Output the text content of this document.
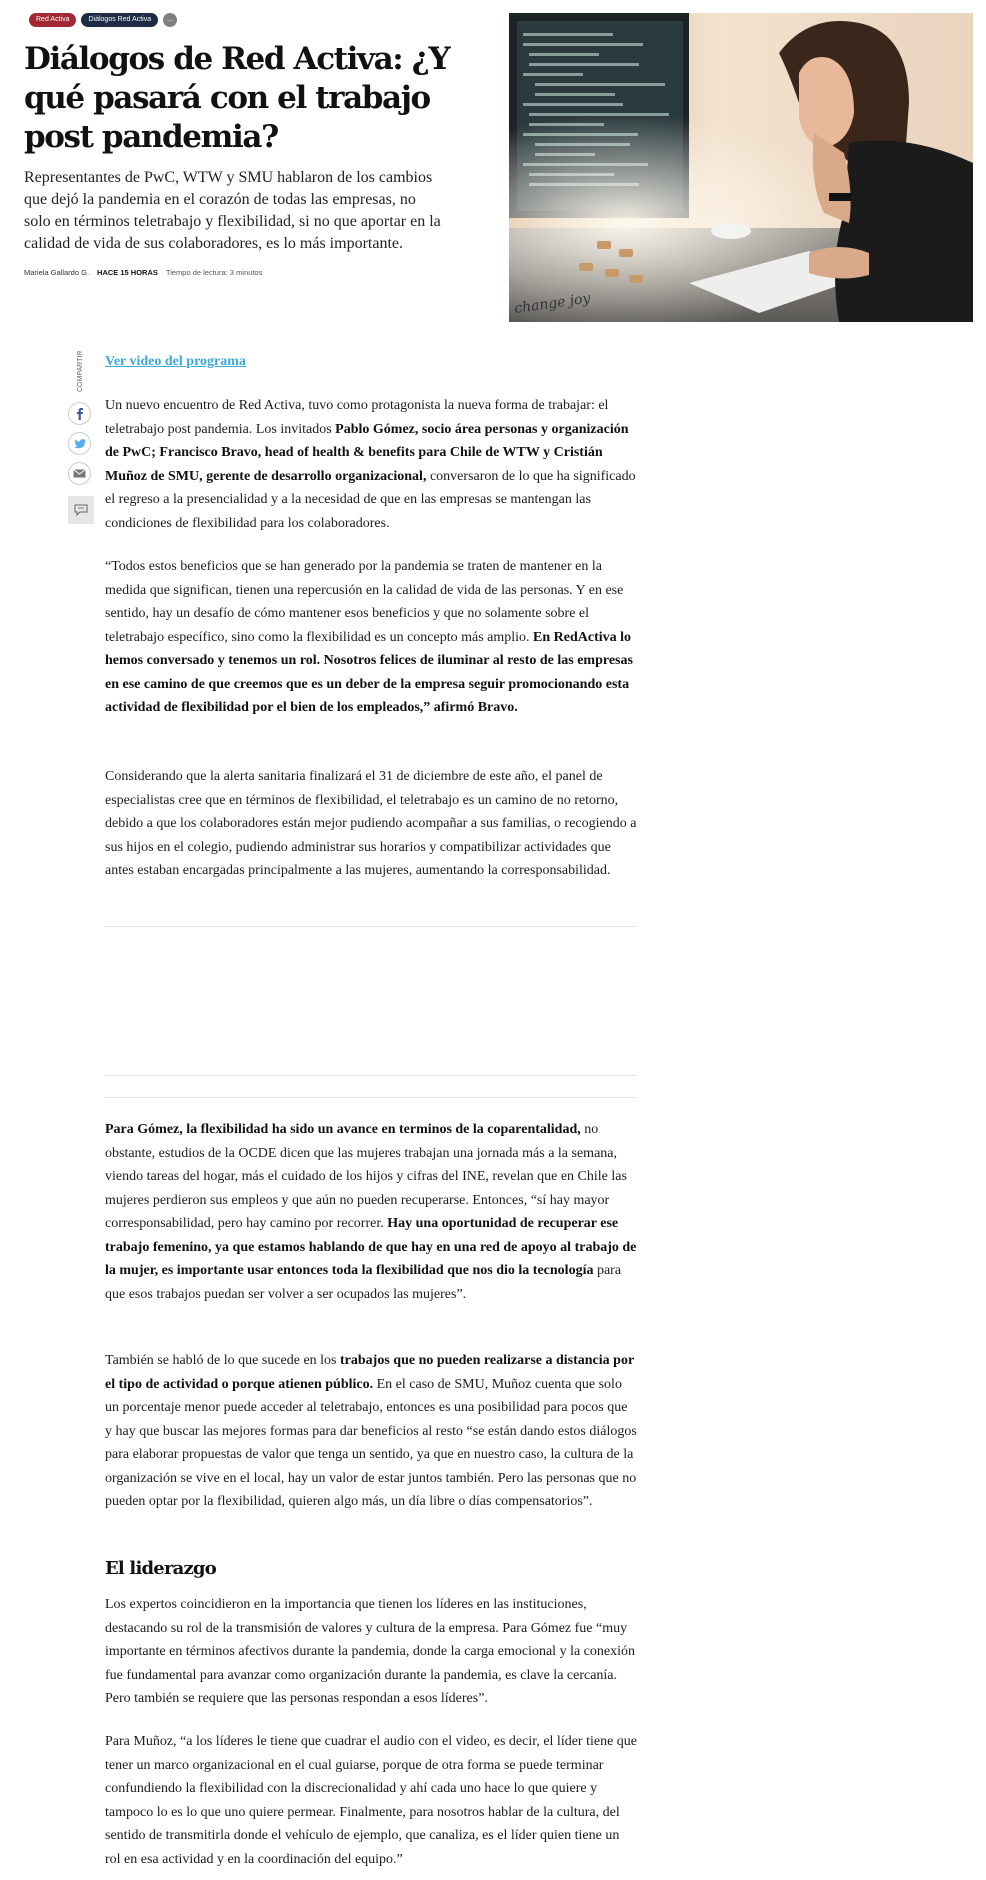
Red Activa	Diálogos Red Activa	...
Diálogos de Red Activa: ¿Y qué pasará con el trabajo post pandemia?

Representantes de PwC, WTW y SMU hablaron de los cambios que dejó la pandemia en el corazón de todas las empresas, no solo en términos teletrabajo y flexibilidad, si no que aportar en la calidad de vida de sus colaboradores, es lo más importante.

Mariela Gallardo G. HACE 15 HORAS Tiempo de lectura: 3 minutos
change joy
COMPARTIR Ver video del programa

Un nuevo encuentro de Red Activa, tuvo como protagonista la nueva forma de trabajar: el teletrabajo post pandemia. Los invitados Pablo Gómez, socio área personas y organización de PwC; Francisco Bravo, head of health & benefits para Chile de WTW y Cristián Muñoz de SMU, gerente de desarrollo organizacional, conversaron de lo que ha significado el regreso a la presencialidad y a la necesidad de que en las empresas se mantengan las condiciones de flexibilidad para los colaboradores.

“Todos estos beneficios que se han generado por la pandemia se traten de mantener en la medida que significan, tienen una repercusión en la calidad de vida de las personas. Y en ese sentido, hay un desafío de cómo mantener esos beneficios y que no solamente sobre el teletrabajo específico, sino como la flexibilidad es un concepto más amplio. En RedActiva lo hemos conversado y tenemos un rol. Nosotros felices de iluminar al resto de las empresas en ese camino de que creemos que es un deber de la empresa seguir promocionando esta actividad de flexibilidad por el bien de los empleados,” afirmó Bravo.

Considerando que la alerta sanitaria finalizará el 31 de diciembre de este año, el panel de especialistas cree que en términos de flexibilidad, el teletrabajo es un camino de no retorno, debido a que los colaboradores están mejor pudiendo acompañar a sus familias, o recogiendo a sus hijos en el colegio, pudiendo administrar sus horarios y compatibilizar actividades que antes estaban encargadas principalmente a las mujeres, aumentando la corresponsabilidad.

Para Gómez, la flexibilidad ha sido un avance en terminos de la coparentalidad, no obstante, estudios de la OCDE dicen que las mujeres trabajan una jornada más a la semana, viendo tareas del hogar, más el cuidado de los hijos y cifras del INE, revelan que en Chile las mujeres perdieron sus empleos y que aún no pueden recuperarse. Entonces, “sí hay mayor corresponsabilidad, pero hay camino por recorrer. Hay una oportunidad de recuperar ese trabajo femenino, ya que estamos hablando de que hay en una red de apoyo al trabajo de la mujer, es importante usar entonces toda la flexibilidad que nos dio la tecnología para que esos trabajos puedan ser volver a ser ocupados las mujeres”.

También se habló de lo que sucede en los trabajos que no pueden realizarse a distancia por el tipo de actividad o porque atienen público. En el caso de SMU, Muñoz cuenta que solo un porcentaje menor puede acceder al teletrabajo, entonces es una posibilidad para pocos que y hay que buscar las mejores formas para dar beneficios al resto “se están dando estos diálogos para elaborar propuestas de valor que tenga un sentido, ya que en nuestro caso, la cultura de la organización se vive en el local, hay un valor de estar juntos también. Pero las personas que no pueden optar por la flexibilidad, quieren algo más, un día libre o días compensatorios”.

El liderazgo

Los expertos coincidieron en la importancia que tienen los líderes en las instituciones, destacando su rol de la transmisión de valores y cultura de la empresa. Para Gómez fue “muy importante en términos afectivos durante la pandemia, donde la carga emocional y la conexión fue fundamental para avanzar como organización durante la pandemia, es clave la cercanía. Pero también se requiere que las personas respondan a esos líderes”.

Para Muñoz, “a los líderes le tiene que cuadrar el audio con el video, es decir, el líder tiene que tener un marco organizacional en el cual guiarse, porque de otra forma se puede terminar confundiendo la flexibilidad con la discrecionalidad y ahí cada uno hace lo que quiere y tampoco lo es lo que uno quiere permear. Finalmente, para nosotros hablar de la cultura, del sentido de transmitirla donde el vehículo de ejemplo, que canaliza, es el líder quien tiene un rol en esa actividad y en la coordinación del equipo.”
